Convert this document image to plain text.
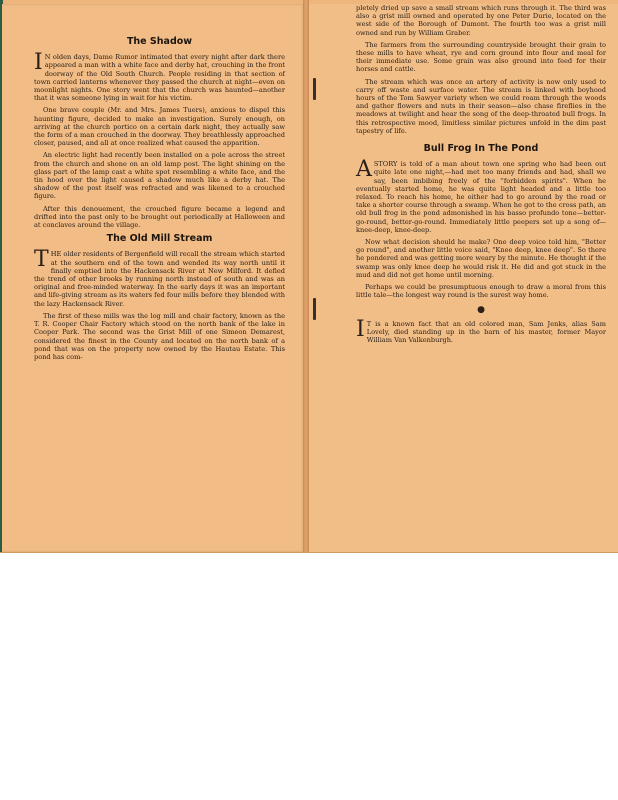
The Shadow

I N olden days, Dame Rumor intimated that every night after dark there appeared a man with a white face and derby hat, crouching in the front doorway of the Old South Church. People residing in that section of town carried lanterns whenever they passed the church at night—even on moonlight nights. One story went that the church was haunted—another that it was someone lying in wait for his victim.

One brave couple (Mr. and Mrs. James Tuers), anxious to dispel this haunting figure, decided to make an investigation. Surely enough, on arriving at the church portico on a certain dark night, they actually saw the form of a man crouched in the doorway. They breathlessly approached closer, paused, and all at once realized what caused the apparition.

An electric light had recently been installed on a pole across the street from the church and shone on an old lamp post. The light shining on the glass part of the lamp cast a white spot resembling a white face, and the tin hood over the light caused a shadow much like a derby hat. The shadow of the post itself was refracted and was likened to a crouched figure.

After this denouement, the crouched figure became a legend and drifted into the past only to be brought out periodically at Halloween and at conclaves around the village.

The Old Mill Stream

THE older residents of Bergenfield will recall the stream which started at the southern end of the town and wended its way north until it finally emptied into the Hackensack River at New Milford. It defied the trend of other brooks by running north instead of south and was an original and free-minded waterway. In the early days it was an important and life-giving stream as its waters fed four mills before they blended with the lazy Hackensack River.

The first of these mills was the log mill and chair factory, known as the T. R. Cooper Chair Factory which stood on the north bank of the lake in Cooper Park. The second was the Grist Mill of one Simeon Demarest, considered the finest in the County and located on the north bank of a pond that was on the property now owned by the Hautau Estate. This pond has com-

pletely dried up save a small stream which runs through it. The third was also a grist mill owned and operated by one Peter Durie, located on the west side of the Borough of Dumont. The fourth too was a grist mill owned and run by William Graber.

The farmers from the surrounding countryside brought their grain to these mills to have wheat, rye and corn ground into flour and meal for their immediate use. Some grain was also ground into feed for their horses and cattle.

The stream which was once an artery of activity is now only used to carry off waste and surface water. The stream is linked with boyhood hours of the Tom Sawyer variety when we could roam through the woods and gather flowers and nuts in their season—also chase fireflies in the meadows at twilight and hear the song of the deep-throated bull frogs. In this retrospective mood, limitless similar pictures unfold in the dim past tapestry of life.

Bull Frog In The Pond

ASTORY is told of a man about town one spring who had been out quite late one night,—had met too many friends and had, shall we say, been imbibing freely of the "forbidden spirits". When he eventually started home, he was quite light headed and a little too relaxed. To reach his home, he either had to go around by the road or take a shorter course through a swamp. When he got to the cross path, an old bull frog in the pond admonished in his basso profundo tone—better-go-round, better-go-round. Immediately little peepers set up a song of—knee-deep, knee-deep.

Now what decision should he make? One deep voice told him, "Better go round", and another little voice said, "Knee deep, knee deep". So there he pondered and was getting more weary by the minute. He thought if the swamp was only knee deep he would risk it. He did and got stuck in the mud and did not get home until morning.

Perhaps we could be presumptuous enough to draw a moral from this little tale—the longest way round is the surest way home.

●

I T is a known fact that an old colored man, Sam Jenks, alias Sam Lovely, died standing up in the barn of his master, former Mayor William Van Valkenburgh.
